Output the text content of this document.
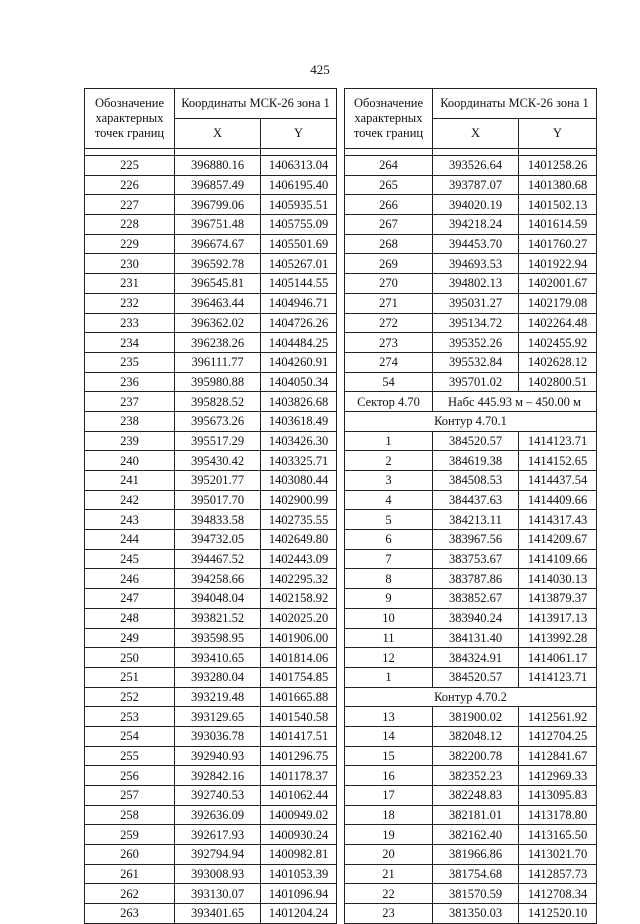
425
Обозначение характерных точек границ	Координаты МСК-26 зона 1	
	X	Y

225	396880.16	1406313.04
226	396857.49	1406195.40
227	396799.06	1405935.51
228	396751.48	1405755.09
229	396674.67	1405501.69
230	396592.78	1405267.01
231	396545.81	1405144.55
232	396463.44	1404946.71
233	396362.02	1404726.26
234	396238.26	1404484.25
235	396111.77	1404260.91
236	395980.88	1404050.34
237	395828.52	1403826.68
238	395673.26	1403618.49
239	395517.29	1403426.30
240	395430.42	1403325.71
241	395201.77	1403080.44
242	395017.70	1402900.99
243	394833.58	1402735.55
244	394732.05	1402649.80
245	394467.52	1402443.09
246	394258.66	1402295.32
247	394048.04	1402158.92
248	393821.52	1402025.20
249	393598.95	1401906.00
250	393410.65	1401814.06
251	393280.04	1401754.85
252	393219.48	1401665.88
253	393129.65	1401540.58
254	393036.78	1401417.51
255	392940.93	1401296.75
256	392842.16	1401178.37
257	392740.53	1401062.44
258	392636.09	1400949.02
259	392617.93	1400930.24
260	392794.94	1400982.81
261	393008.93	1401053.39
262	393130.07	1401096.94
263	393401.65	1401204.24
Обозначение характерных точек границ	Координаты МСК-26 зона 1	
	X	Y

264	393526.64	1401258.26
265	393787.07	1401380.68
266	394020.19	1401502.13
267	394218.24	1401614.59
268	394453.70	1401760.27
269	394693.53	1401922.94
270	394802.13	1402001.67
271	395031.27	1402179.08
272	395134.72	1402264.48
273	395352.26	1402455.92
274	395532.84	1402628.12
54	395701.02	1402800.51
Сектор 4.70	Набс 445.93 м – 450.00 м	
Контур 4.70.1		
1	384520.57	1414123.71
2	384619.38	1414152.65
3	384508.53	1414437.54
4	384437.63	1414409.66
5	384213.11	1414317.43
6	383967.56	1414209.67
7	383753.67	1414109.66
8	383787.86	1414030.13
9	383852.67	1413879.37
10	383940.24	1413917.13
11	384131.40	1413992.28
12	384324.91	1414061.17
1	384520.57	1414123.71
Контур 4.70.2		
13	381900.02	1412561.92
14	382048.12	1412704.25
15	382200.78	1412841.67
16	382352.23	1412969.33
17	382248.83	1413095.83
18	382181.01	1413178.80
19	382162.40	1413165.50
20	381966.86	1413021.70
21	381754.68	1412857.73
22	381570.59	1412708.34
23	381350.03	1412520.10
